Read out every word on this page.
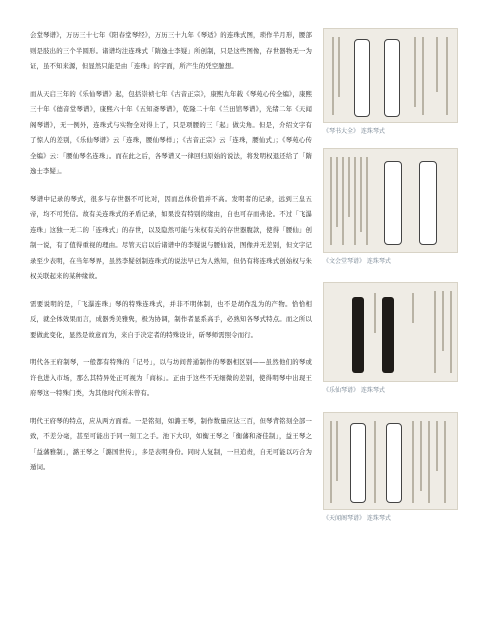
会堂琴谱》，万历三十七年《阳春堂琴经》，万历三十九年《琴适》的连珠式图，琐作半月形，腰部则是肢出的三个半圆形。诸谱均注连珠式「隋逸士李疑」所创制，只是这些图像，存世器物无一为证，虽不知来源，但显然只能是由「连珠」的字面，所产生的凭空臆想。

而从天启三年的《乐仙琴谱》起，包括崇祯七年《古音正宗》，康熙九年载《琴苑心传全编》，康熙三十年《德音堂琴谱》，康熙六十年《五知斋琴谱》，乾隆二十年《兰田馆琴谱》，光绪二年《天闻阁琴谱》，无一例外，连珠式与实物全对得上了，只是项腰的三「起」做尖角。但是，介绍文字有了惊人的差别，《乐仙琴谱》云「连珠，腰仙琴样」；《古音正宗》云「连珠，腰仙式」；《琴苑心传全编》云：「腰仙琴名连珠」。而在此之后，各琴谱又一律回归原始的说法，将发明权退还给了「隋逸士李疑」。

琴谱中记录的琴式，很多与存世器不可比对，因而总体价值并不高。发明者的记录，远到三皇五帝，均不可凭信。故有关连珠式的矛盾记录，如果没有特别的缘由，自也可存而弗论。不过「飞瀑连珠」这独一无二的「连珠式」的存世，以及隐然可能与朱权有关的存世器腹款，使得「腰仙」创制一说，有了值得重视的理由。尽管天启以后诸谱中的李疑说与腰仙说，图像并无差别，但文字记录至少表明，在当年琴界，虽然李疑创制连珠式的说法早已为人熟知，但仍有将连珠式创始权与朱权关联起来的某种缘故。

需要说明的是，「飞瀑连珠」琴的特殊连珠式，并非不明体制，也不是胡作乱为的产物。恰恰相反，就全体效果而言，成器秀美雅隽，极为协调，制作者显系高手，必熟知各琴式特点。而之所以要做此变化，显然是故意而为，来自于决定者的特殊设计，斫琴师需照令而行。

明代各王府制琴，一般都有特殊的「记号」，以与坊间普通制作的琴器相区别——虽然他们的琴或许也进入市场，那么其特异处正可视为「商标」。正由于这些不无细微的差别，使得明琴中出现王府琴这一特殊门类，为其他时代所未曾有。

明代王府琴的特点，应从两方面看。一是铭刻，如潞王琴，制作数量应达三百，但琴背铭刻全部一致，不差分毫，甚至可能出于同一刻工之手。池下大印，如衡王琴之「衡藩和斋佳制」，益王琴之「益藩雅制」，潞王琴之「潞国世传」，多是表明身份。同时人复制，一旦追责，自无可能以巧合为遁词。

《琴书大全》 连珠琴式
《文会堂琴谱》 连珠琴式
《乐仙琴谱》 连珠琴式
《天闻阁琴谱》 连珠琴式
